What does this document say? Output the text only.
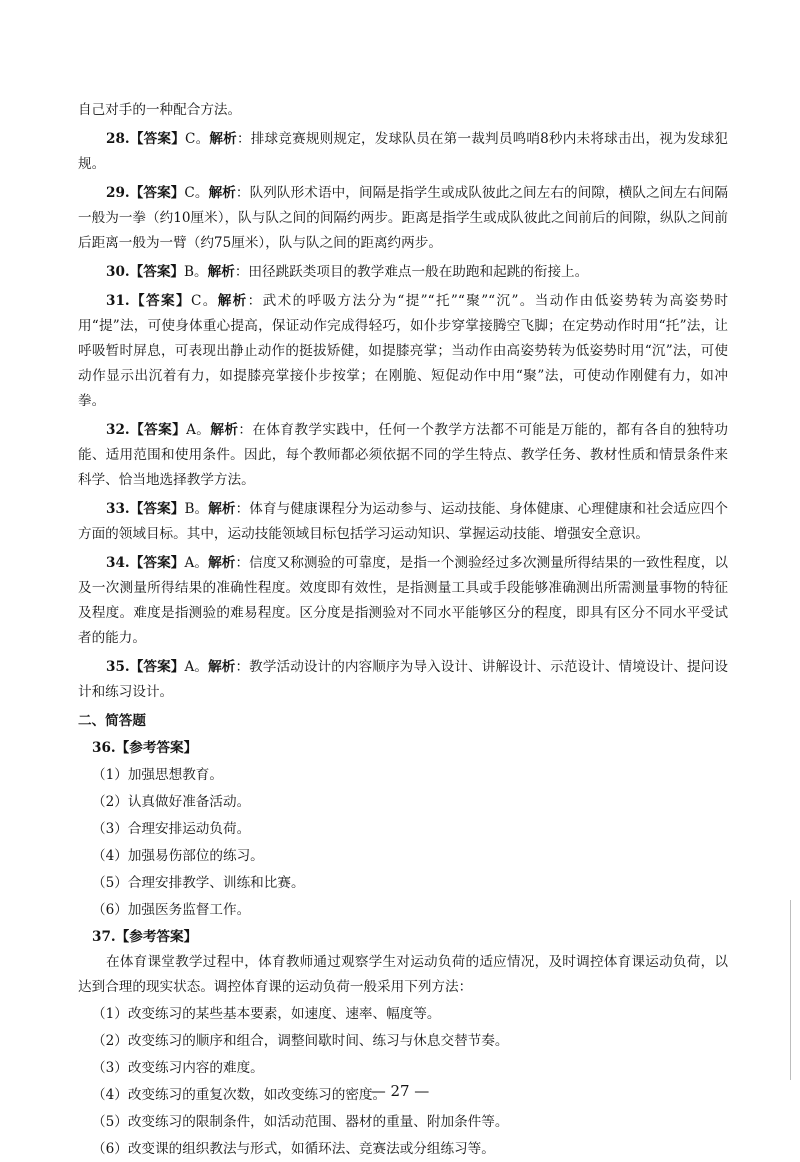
自己对手的一种配合方法。

28.【答案】C。解析：排球竞赛规则规定，发球队员在第一裁判员鸣哨8秒内未将球击出，视为发球犯规。

29.【答案】C。解析：队列队形术语中，间隔是指学生或成队彼此之间左右的间隙，横队之间左右间隔一般为一拳（约10厘米），队与队之间的间隔约两步。距离是指学生或成队彼此之间前后的间隙，纵队之间前后距离一般为一臂（约75厘米），队与队之间的距离约两步。

30.【答案】B。解析：田径跳跃类项目的教学难点一般在助跑和起跳的衔接上。

31.【答案】C。解析：武术的呼吸方法分为“提”“托”“聚”“沉”。当动作由低姿势转为高姿势时用“提”法，可使身体重心提高，保证动作完成得轻巧，如仆步穿掌接腾空飞脚；在定势动作时用“托”法，让呼吸暂时屏息，可表现出静止动作的挺拔矫健，如提膝亮掌；当动作由高姿势转为低姿势时用“沉”法，可使动作显示出沉着有力，如提膝亮掌接仆步按掌；在刚脆、短促动作中用“聚”法，可使动作刚健有力，如冲拳。

32.【答案】A。解析：在体育教学实践中，任何一个教学方法都不可能是万能的，都有各自的独特功能、适用范围和使用条件。因此，每个教师都必须依据不同的学生特点、教学任务、教材性质和情景条件来科学、恰当地选择教学方法。

33.【答案】B。解析：体育与健康课程分为运动参与、运动技能、身体健康、心理健康和社会适应四个方面的领域目标。其中，运动技能领域目标包括学习运动知识、掌握运动技能、增强安全意识。

34.【答案】A。解析：信度又称测验的可靠度，是指一个测验经过多次测量所得结果的一致性程度，以及一次测量所得结果的准确性程度。效度即有效性，是指测量工具或手段能够准确测出所需测量事物的特征及程度。难度是指测验的难易程度。区分度是指测验对不同水平能够区分的程度，即具有区分不同水平受试者的能力。

35.【答案】A。解析：教学活动设计的内容顺序为导入设计、讲解设计、示范设计、情境设计、提问设计和练习设计。

二、简答题

36.【参考答案】

（1）加强思想教育。

（2）认真做好准备活动。

（3）合理安排运动负荷。

（4）加强易伤部位的练习。

（5）合理安排教学、训练和比赛。

（6）加强医务监督工作。

37.【参考答案】

在体育课堂教学过程中，体育教师通过观察学生对运动负荷的适应情况，及时调控体育课运动负荷，以达到合理的现实状态。调控体育课的运动负荷一般采用下列方法：

（1）改变练习的某些基本要素，如速度、速率、幅度等。

（2）改变练习的顺序和组合，调整间歇时间、练习与休息交替节奏。

（3）改变练习内容的难度。

（4）改变练习的重复次数，如改变练习的密度。

（5）改变练习的限制条件，如活动范围、器材的重量、附加条件等。

（6）改变课的组织教法与形式，如循环法、竞赛法或分组练习等。

— 27 —
